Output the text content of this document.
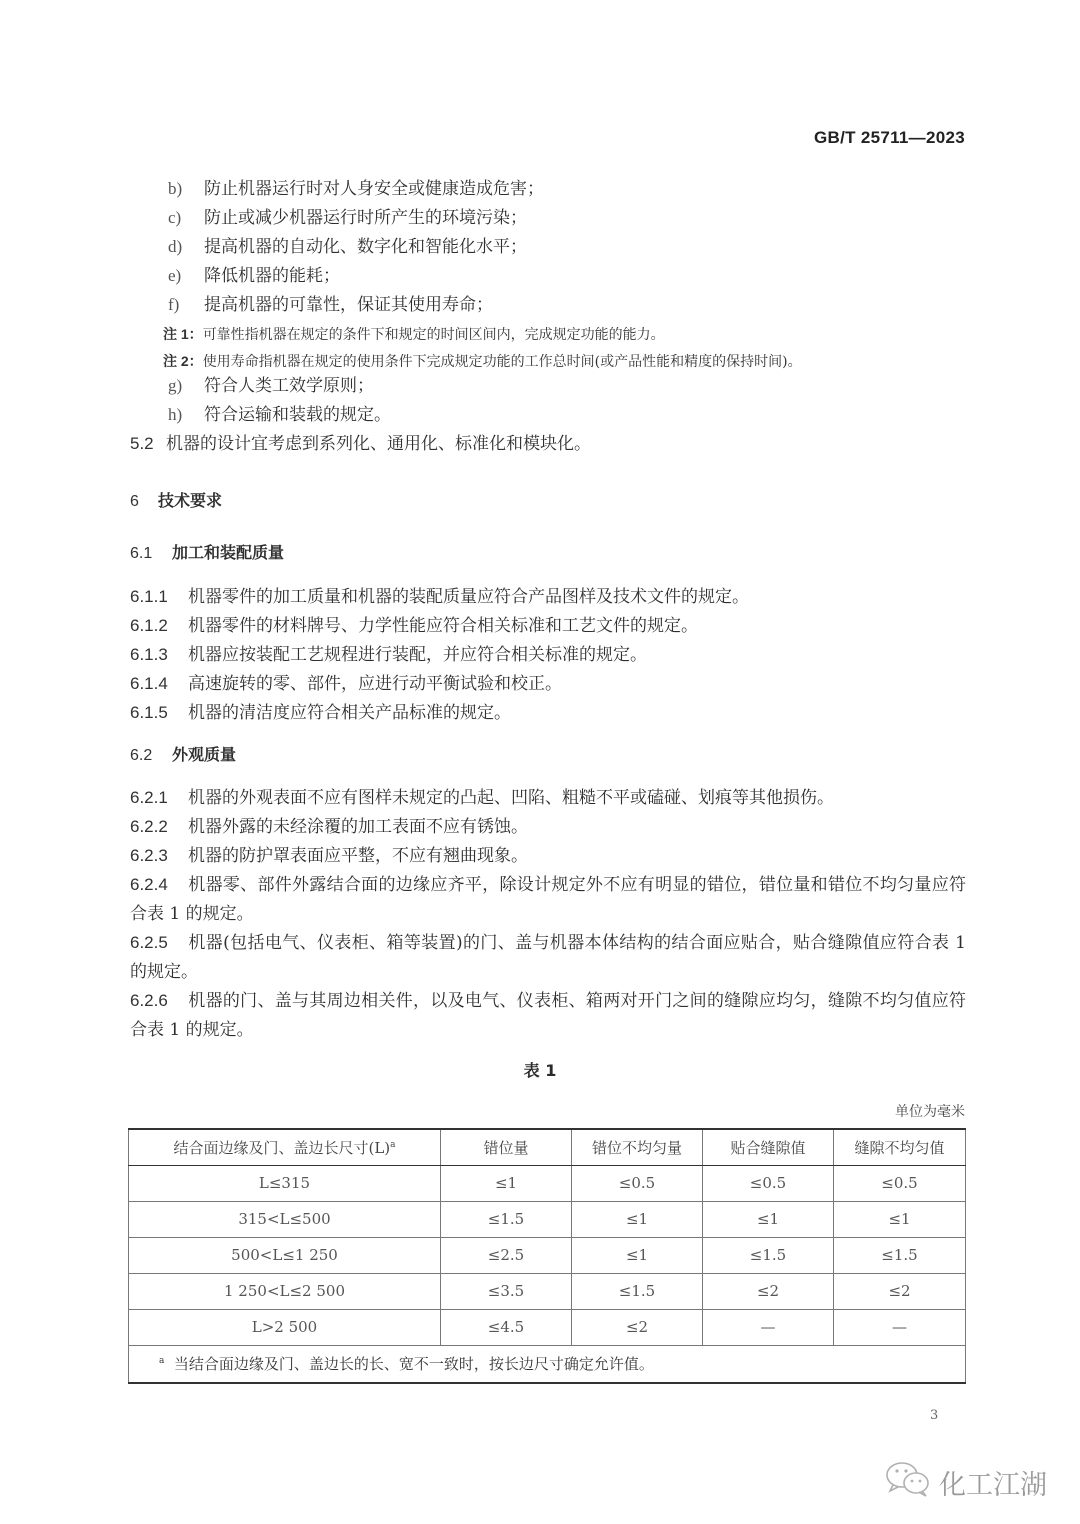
GB/T 25711—2023
b) 防止机器运行时对人身安全或健康造成危害；
c) 防止或减少机器运行时所产生的环境污染；
d) 提高机器的自动化、数字化和智能化水平；
e) 降低机器的能耗；
f) 提高机器的可靠性，保证其使用寿命；
注 1：可靠性指机器在规定的条件下和规定的时间区间内，完成规定功能的能力。
注 2：使用寿命指机器在规定的使用条件下完成规定功能的工作总时间(或产品性能和精度的保持时间)。
g) 符合人类工效学原则；
h) 符合运输和装载的规定。
5.2 机器的设计宜考虑到系列化、通用化、标准化和模块化。
6 技术要求
6.1 加工和装配质量
6.1.1 机器零件的加工质量和机器的装配质量应符合产品图样及技术文件的规定。
6.1.2 机器零件的材料牌号、力学性能应符合相关标准和工艺文件的规定。
6.1.3 机器应按装配工艺规程进行装配，并应符合相关标准的规定。
6.1.4 高速旋转的零、部件，应进行动平衡试验和校正。
6.1.5 机器的清洁度应符合相关产品标准的规定。
6.2 外观质量
6.2.1 机器的外观表面不应有图样未规定的凸起、凹陷、粗糙不平或磕碰、划痕等其他损伤。
6.2.2 机器外露的未经涂覆的加工表面不应有锈蚀。
6.2.3 机器的防护罩表面应平整，不应有翘曲现象。
6.2.4 机器零、部件外露结合面的边缘应齐平，除设计规定外不应有明显的错位，错位量和错位不均匀量应符合表 1 的规定。
6.2.5 机器(包括电气、仪表柜、箱等装置)的门、盖与机器本体结构的结合面应贴合，贴合缝隙值应符合表 1 的规定。
6.2.6 机器的门、盖与其周边相关件，以及电气、仪表柜、箱两对开门之间的缝隙应均匀，缝隙不均匀值应符合表 1 的规定。
表 1
单位为毫米
结合面边缘及门、盖边长尺寸$(L)^a$	错位量	错位不均匀量	贴合缝隙值	缝隙不均匀值
L≤315	≤1	≤0.5	≤0.5	≤0.5
315<L≤500	≤1.5	≤1	≤1	≤1
500<L≤1 250	≤2.5	≤1	≤1.5	≤1.5
1 250<L≤2 500	≤3.5	≤1.5	≤2	≤2
L>2 500	≤4.5	≤2	—	—
$^a$ 当结合面边缘及门、盖边长的长、宽不一致时，按长边尺寸确定允许值。				
3
化工江湖
